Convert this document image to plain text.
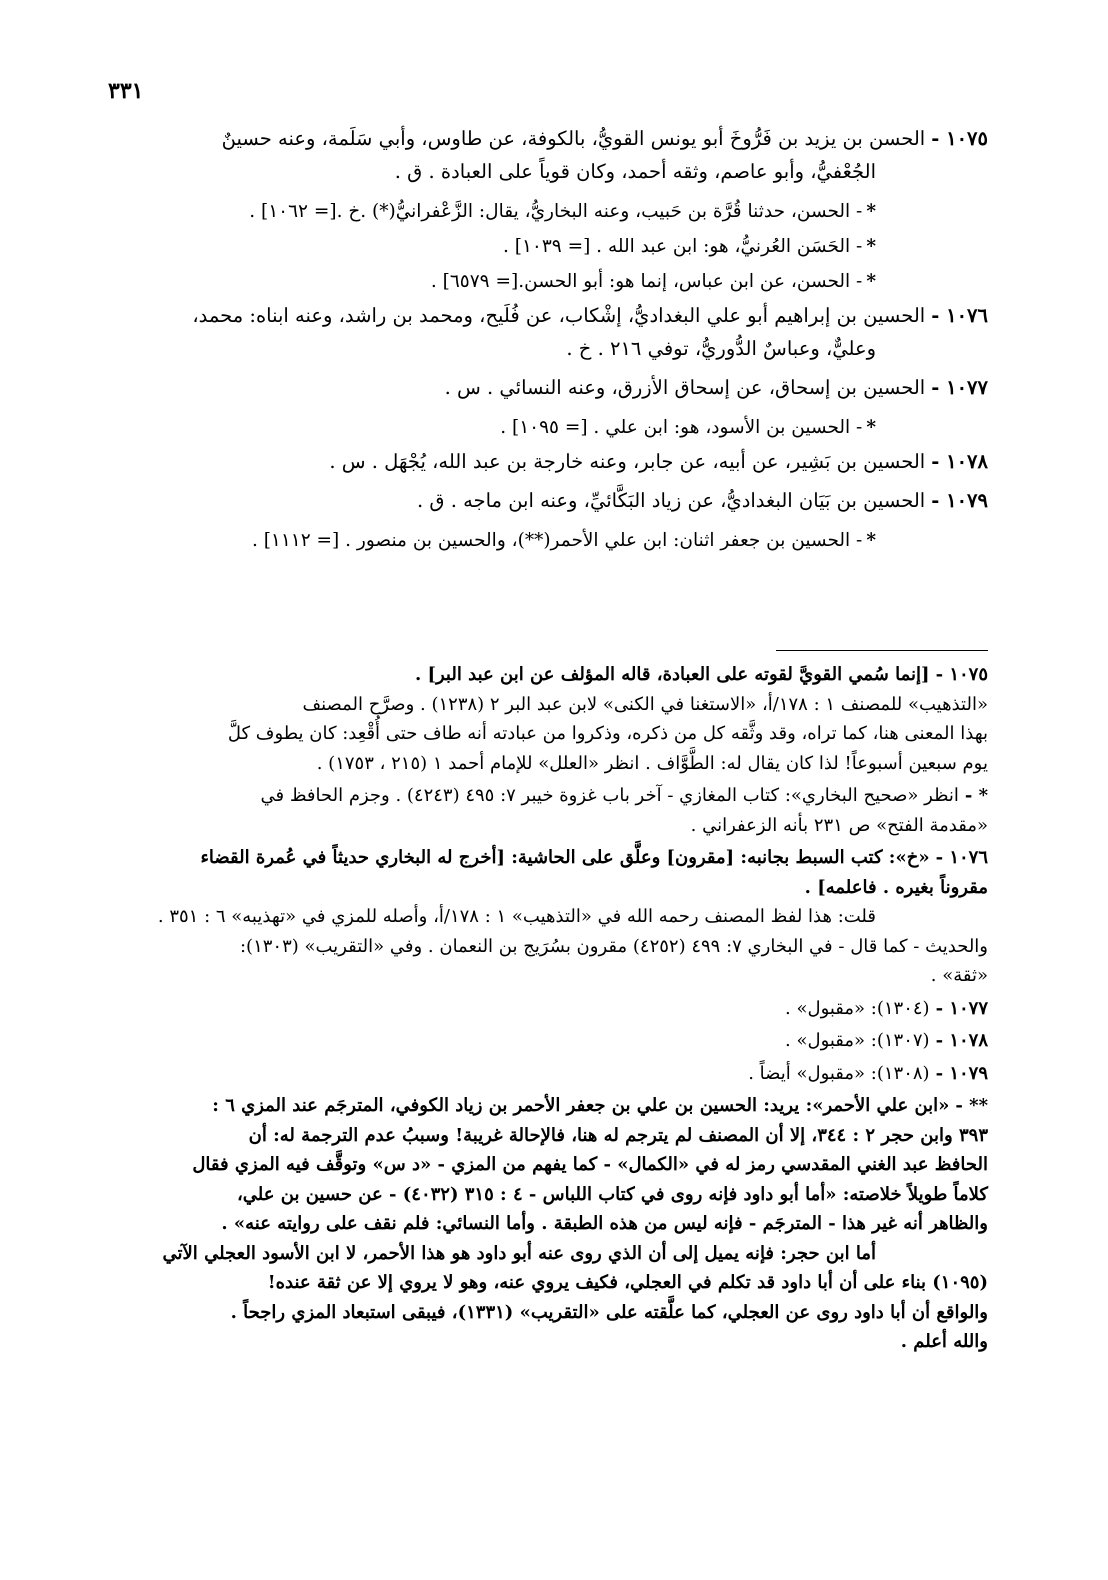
٣٣١
١٠٧٥ -الحسن بن يزيد بن فَرُّوخَ أبو يونس القويُّ، بالكوفة، عن طاوس، وأبي سَلَمة، وعنه حسينٌ
الجُعْفيُّ، وأبو عاصم، وثقه أحمد، وكان قوياً على العبادة . ق .
*- الحسن، حدثنا قُرَّة بن حَبيب، وعنه البخاريُّ، يقال: الزَّعْفرانيُّ(*) .خ .[= ١٠٦٢] .
*- الحَسَن العُرنيُّ، هو: ابن عبد الله . [= ١٠٣٩] .
*- الحسن، عن ابن عباس، إنما هو: أبو الحسن.[= ٦٥٧٩] .
١٠٧٦ -الحسين بن إبراهيم أبو علي البغداديُّ، إشْكاب، عن فُلَيح، ومحمد بن راشد، وعنه ابناه: محمد،
وعليٌّ، وعباسٌ الدُّوريُّ، توفي ٢١٦ . خ .
١٠٧٧ -الحسين بن إسحاق، عن إسحاق الأزرق، وعنه النسائي . س .
*- الحسين بن الأسود، هو: ابن علي . [= ١٠٩٥] .
١٠٧٨ -الحسين بن بَشِير، عن أبيه، عن جابر، وعنه خارجة بن عبد الله، يُجْهَل . س .
١٠٧٩ -الحسين بن بَيَان البغداديُّ، عن زياد البَكَّائيِّ، وعنه ابن ماجه . ق .
*- الحسين بن جعفر اثنان: ابن علي الأحمر(**)، والحسين بن منصور . [= ١١١٢] .
١٠٧٥ -[إنما سُمي القويَّ لقوته على العبادة، قاله المؤلف عن ابن عبد البر] .
«التذهيب» للمصنف ١ : ١٧٨/أ، «الاستغنا في الكنى» لابن عبد البر ٢ (١٢٣٨) . وصرَّح المصنف
بهذا المعنى هنا، كما تراه، وقد وثَّقه كل من ذكره، وذكروا من عبادته أنه طاف حتى أُقْعِد: كان يطوف كلَّ
يوم سبعين أسبوعاً! لذا كان يقال له: الطَّوَّاف . انظر «العلل» للإمام أحمد ١ (٢١٥ ، ١٧٥٣) .
* -انظر «صحيح البخاري»: كتاب المغازي - آخر باب غزوة خيبر ٧: ٤٩٥ (٤٢٤٣) . وجزم الحافظ في
«مقدمة الفتح» ص ٢٣١ بأنه الزعفراني .
١٠٧٦ -«خ»: كتب السبط بجانبه: [مقرون] وعلَّق على الحاشية: [أخرج له البخاري حديثاً في عُمرة القضاء
مقروناً بغيره . فاعلمه] .
قلت: هذا لفظ المصنف رحمه الله في «التذهيب» ١ : ١٧٨/أ، وأصله للمزي في «تهذيبه» ٦ : ٣٥١ .
والحديث - كما قال - في البخاري ٧: ٤٩٩ (٤٢٥٢) مقرون بسُرَيج بن النعمان . وفي «التقريب» (١٣٠٣):
«ثقة» .
١٠٧٧ -(١٣٠٤): «مقبول» .
١٠٧٨ -(١٣٠٧): «مقبول» .
١٠٧٩ -(١٣٠٨): «مقبول» أيضاً .
** -«ابن علي الأحمر»: يريد: الحسين بن علي بن جعفر الأحمر بن زياد الكوفي، المترجَم عند المزي ٦ :
٣٩٣ وابن حجر ٢ : ٣٤٤، إلا أن المصنف لم يترجم له هنا، فالإحالة غريبة! وسببُ عدم الترجمة له: أن
الحافظ عبد الغني المقدسي رمز له في «الكمال» - كما يفهم من المزي - «د س» وتوقَّف فيه المزي فقال
كلاماً طويلاً خلاصته: «أما أبو داود فإنه روى في كتاب اللباس - ٤ : ٣١٥ (٤٠٣٢) - عن حسين بن علي،
والظاهر أنه غير هذا - المترجَم - فإنه ليس من هذه الطبقة . وأما النسائي: فلم نقف على روايته عنه» .
أما ابن حجر: فإنه يميل إلى أن الذي روى عنه أبو داود هو هذا الأحمر، لا ابن الأسود العجلي الآتي
(١٠٩٥) بناء على أن أبا داود قد تكلم في العجلي، فكيف يروي عنه، وهو لا يروي إلا عن ثقة عنده!
والواقع أن أبا داود روى عن العجلي، كما علَّقته على «التقريب» (١٣٣١)، فيبقى استبعاد المزي راجحاً .
والله أعلم .
